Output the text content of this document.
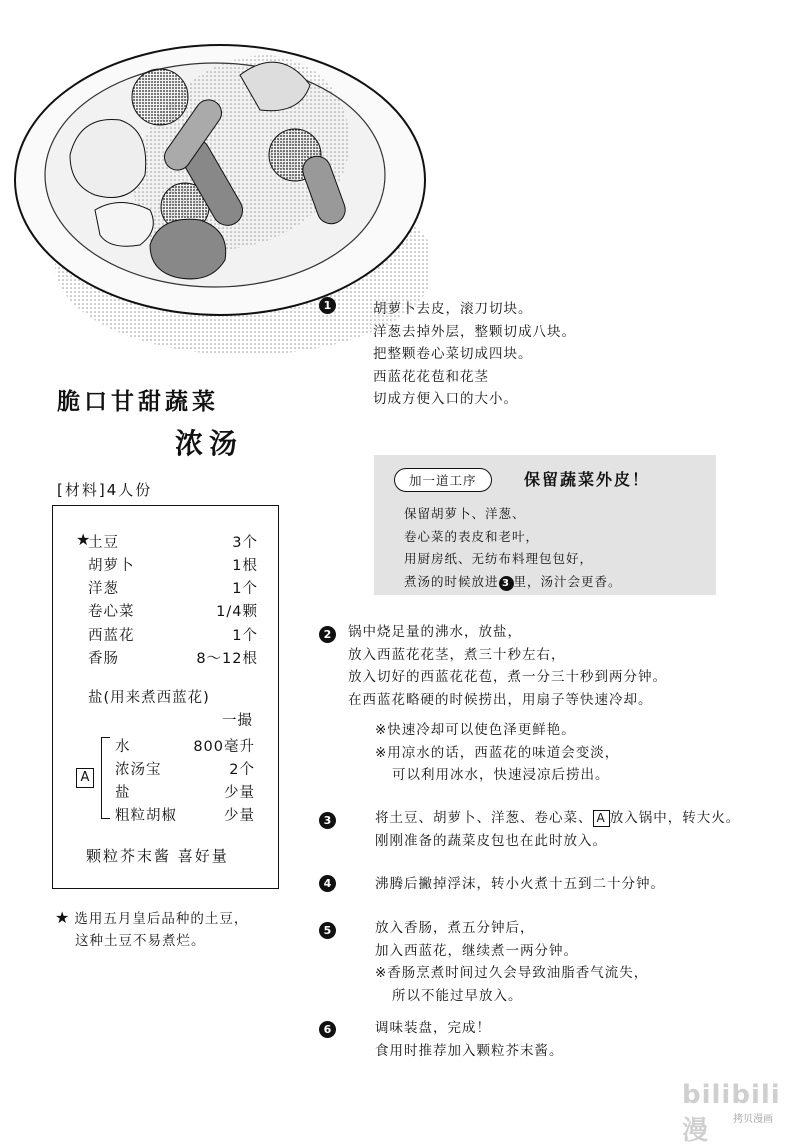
脆口甘甜蔬菜
浓汤
[材料]4人份
★
土豆	3个
胡萝卜	1根
洋葱	1个
卷心菜	1/4颗
西蓝花	1个
香肠	8～12根
盐(用来煮西蓝花)
一撮
A
水	800毫升
浓汤宝	2个
盐	少量
粗粒胡椒	少量
颗粒芥末酱 喜好量
★ 选用五月皇后品种的土豆，
这种土豆不易煮烂。
1	胡萝卜去皮，滚刀切块。
洋葱去掉外层，整颗切成八块。
把整颗卷心菜切成四块。
西蓝花花苞和花茎
切成方便入口的大小。
加一道工序	保留蔬菜外皮！
保留胡萝卜、洋葱、
卷心菜的表皮和老叶，
用厨房纸、无纺布料理包包好，
煮汤的时候放进 3 里，汤汁会更香。
2	锅中烧足量的沸水，放盐，
放入西蓝花花茎，煮三十秒左右，
放入切好的西蓝花花苞，煮一分三十秒到两分钟。
在西蓝花略硬的时候捞出，用扇子等快速冷却。
※快速冷却可以使色泽更鲜艳。
※用凉水的话，西蓝花的味道会变淡，
可以利用冰水，快速浸凉后捞出。
3	将土豆、胡萝卜、洋葱、卷心菜、 A 放入锅中，转大火。
刚刚准备的蔬菜皮包也在此时放入。
4	沸腾后撇掉浮沫，转小火煮十五到二十分钟。
5	放入香肠，煮五分钟后，
加入西蓝花，继续煮一两分钟。
※香肠烹煮时间过久会导致油脂香气流失，
所以不能过早放入。
6	调味装盘，完成！
食用时推荐加入颗粒芥末酱。
bilibili漫	拷贝漫画
